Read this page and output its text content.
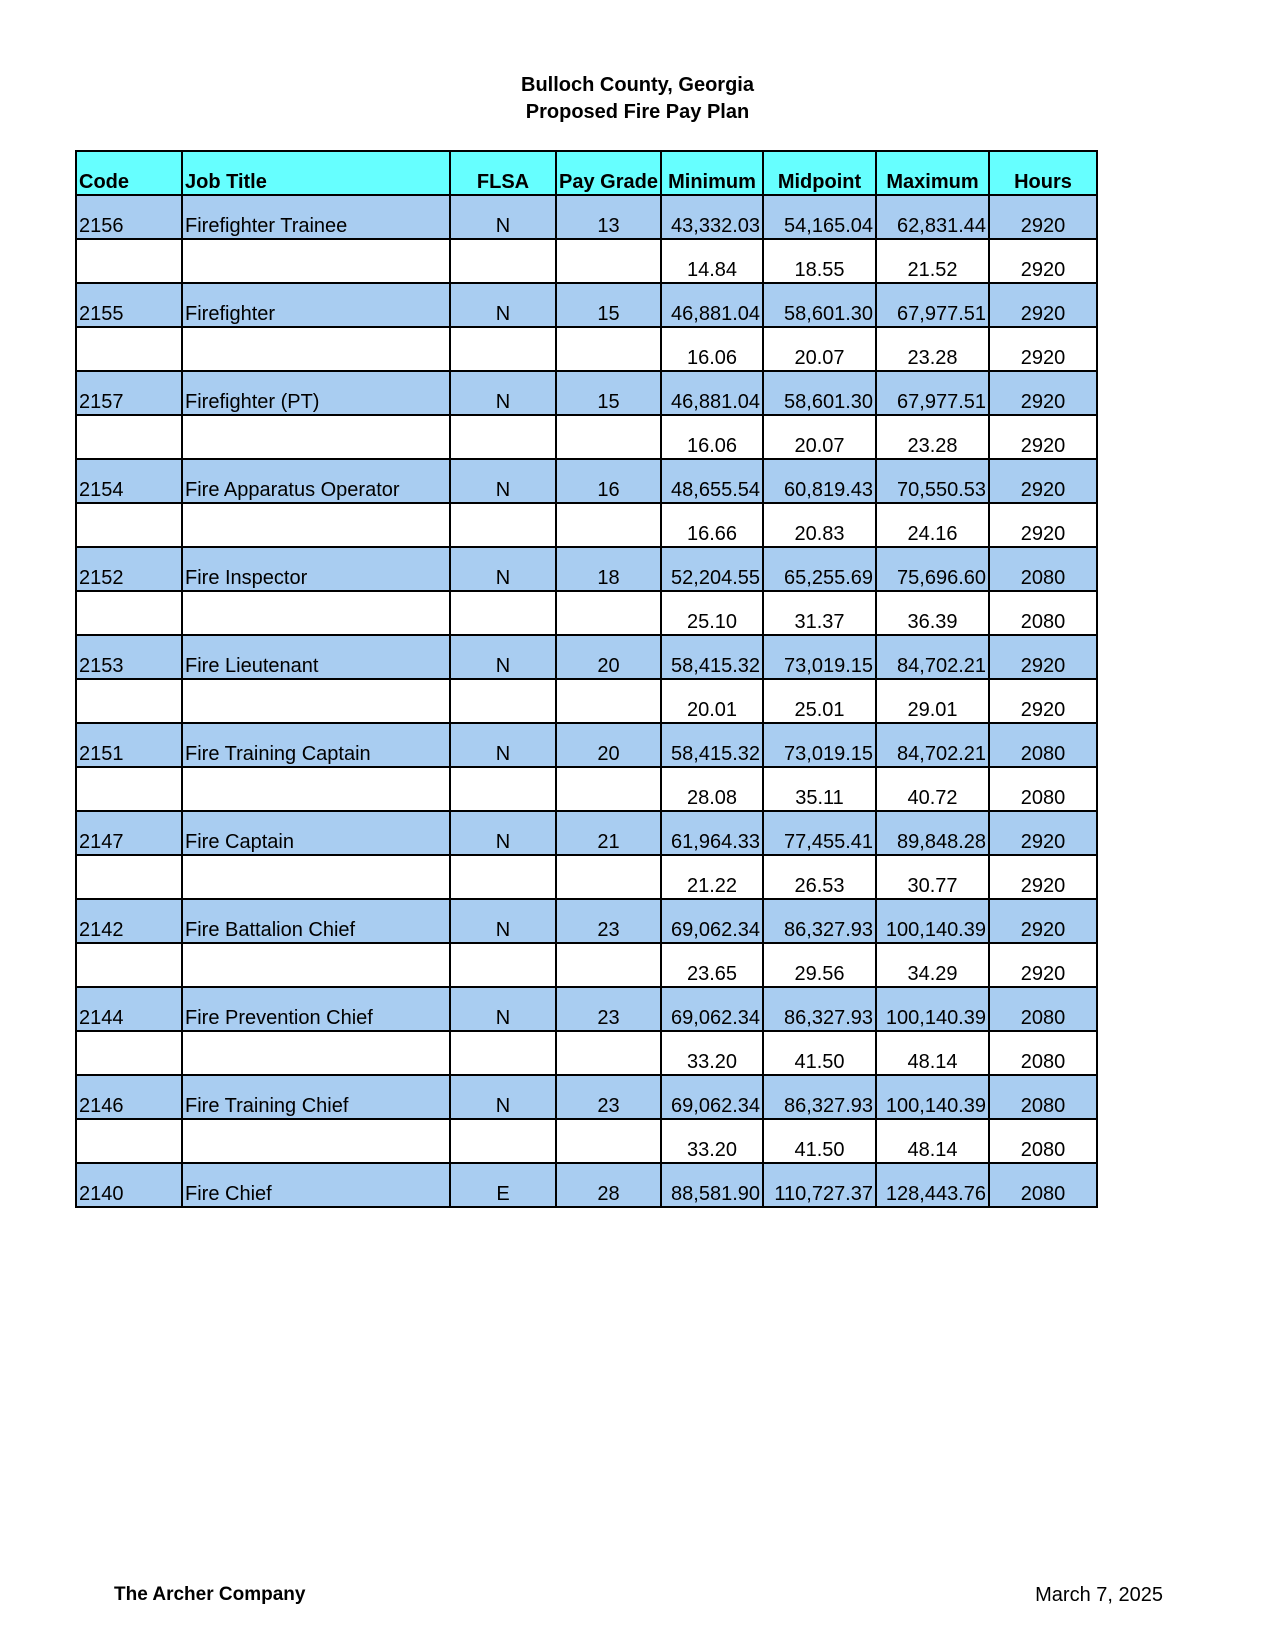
Bulloch County, Georgia
Proposed Fire Pay Plan
Code	Job Title	FLSA	Pay Grade	Minimum	Midpoint	Maximum	Hours
2156	Firefighter Trainee	N	13	43,332.03	54,165.04	62,831.44	2920
				14.84	18.55	21.52	2920
2155	Firefighter	N	15	46,881.04	58,601.30	67,977.51	2920
				16.06	20.07	23.28	2920
2157	Firefighter (PT)	N	15	46,881.04	58,601.30	67,977.51	2920
				16.06	20.07	23.28	2920
2154	Fire Apparatus Operator	N	16	48,655.54	60,819.43	70,550.53	2920
				16.66	20.83	24.16	2920
2152	Fire Inspector	N	18	52,204.55	65,255.69	75,696.60	2080
				25.10	31.37	36.39	2080
2153	Fire Lieutenant	N	20	58,415.32	73,019.15	84,702.21	2920
				20.01	25.01	29.01	2920
2151	Fire Training Captain	N	20	58,415.32	73,019.15	84,702.21	2080
				28.08	35.11	40.72	2080
2147	Fire Captain	N	21	61,964.33	77,455.41	89,848.28	2920
				21.22	26.53	30.77	2920
2142	Fire Battalion Chief	N	23	69,062.34	86,327.93	100,140.39	2920
				23.65	29.56	34.29	2920
2144	Fire Prevention Chief	N	23	69,062.34	86,327.93	100,140.39	2080
				33.20	41.50	48.14	2080
2146	Fire Training Chief	N	23	69,062.34	86,327.93	100,140.39	2080
				33.20	41.50	48.14	2080
2140	Fire Chief	E	28	88,581.90	110,727.37	128,443.76	2080
The Archer Company	March 7, 2025
